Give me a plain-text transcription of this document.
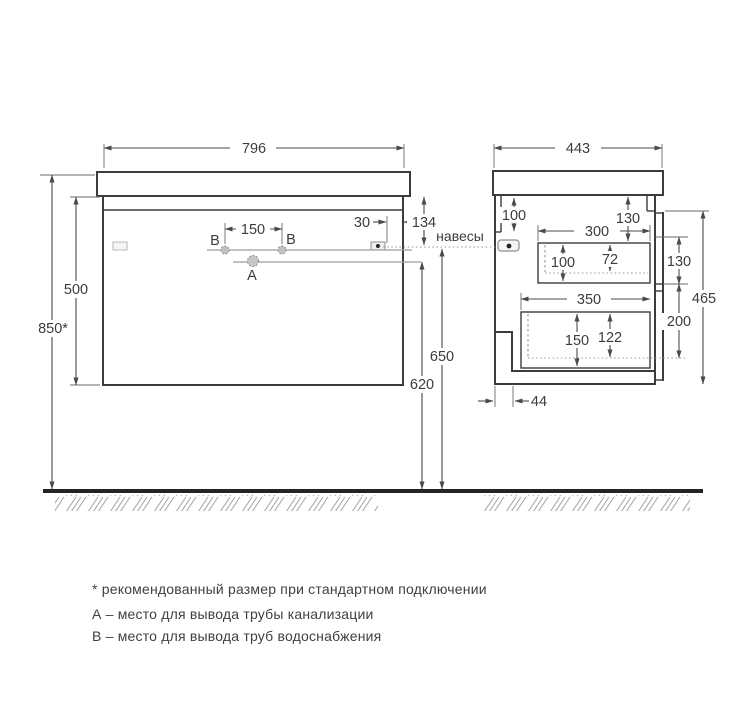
796
150	30	134
500
850*
650
620
B	B
A
навесы
443
100	130
300
100 72	130
200
465
350
150 122
44
* рекомендованный размер при стандартном подключении
А – место для вывода трубы канализации
В – место для вывода труб водоснабжения
